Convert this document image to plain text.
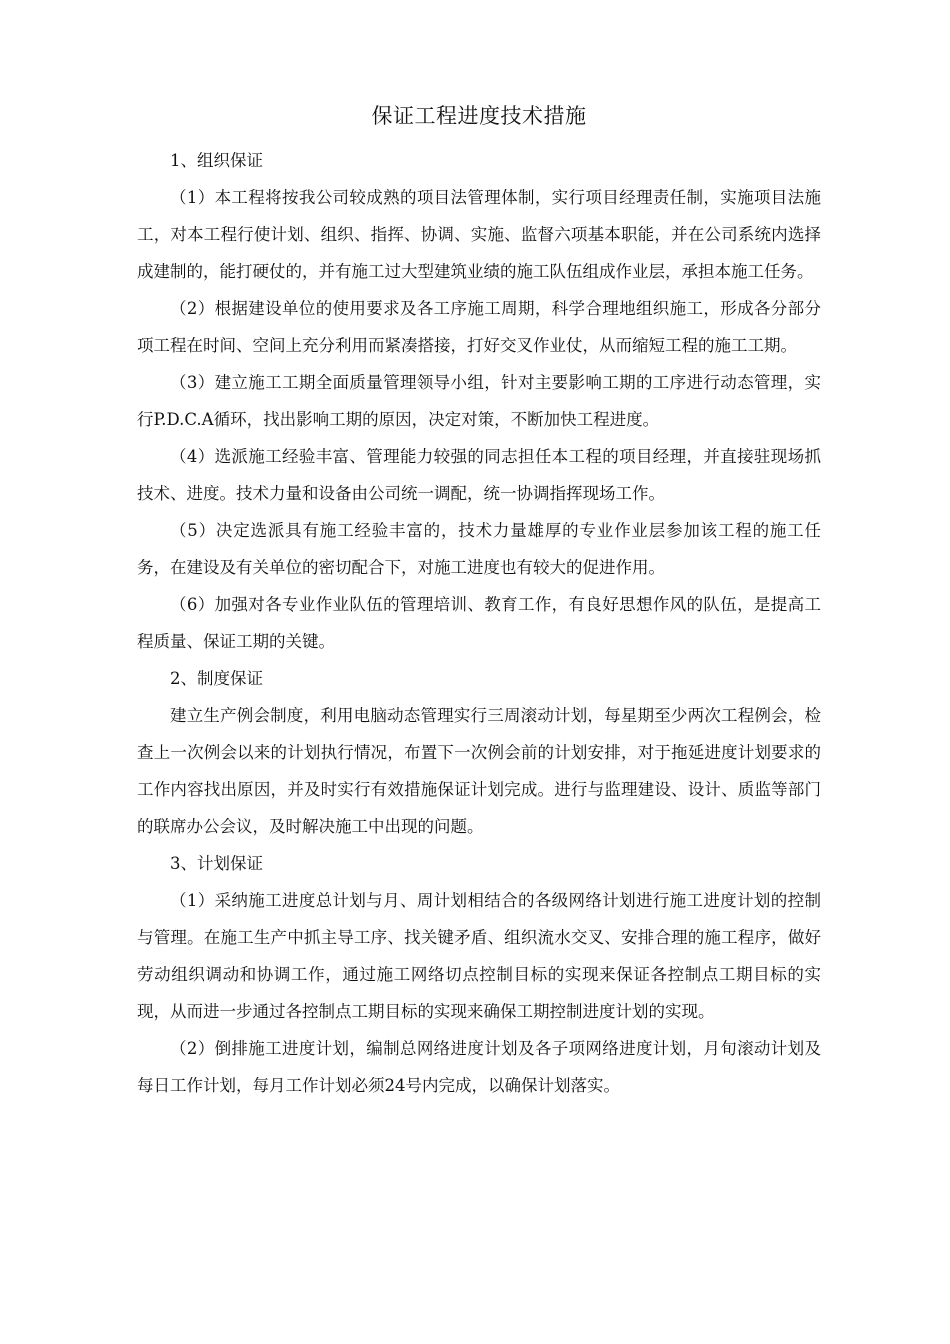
保证工程进度技术措施

1、组织保证

（1）本工程将按我公司较成熟的项目法管理体制，实行项目经理责任制，实施项目法施工，对本工程行使计划、组织、指挥、协调、实施、监督六项基本职能，并在公司系统内选择成建制的，能打硬仗的，并有施工过大型建筑业绩的施工队伍组成作业层，承担本施工任务。

（2）根据建设单位的使用要求及各工序施工周期，科学合理地组织施工，形成各分部分项工程在时间、空间上充分利用而紧凑搭接，打好交叉作业仗，从而缩短工程的施工工期。

（3）建立施工工期全面质量管理领导小组，针对主要影响工期的工序进行动态管理，实行P.D.C.A循环，找出影响工期的原因，决定对策，不断加快工程进度。

（4）选派施工经验丰富、管理能力较强的同志担任本工程的项目经理，并直接驻现场抓技术、进度。技术力量和设备由公司统一调配，统一协调指挥现场工作。

（5）决定选派具有施工经验丰富的，技术力量雄厚的专业作业层参加该工程的施工任务，在建设及有关单位的密切配合下，对施工进度也有较大的促进作用。

（6）加强对各专业作业队伍的管理培训、教育工作，有良好思想作风的队伍，是提高工程质量、保证工期的关键。

2、制度保证

建立生产例会制度，利用电脑动态管理实行三周滚动计划，每星期至少两次工程例会，检查上一次例会以来的计划执行情况，布置下一次例会前的计划安排，对于拖延进度计划要求的工作内容找出原因，并及时实行有效措施保证计划完成。进行与监理建设、设计、质监等部门的联席办公会议，及时解决施工中出现的问题。

3、计划保证

（1）采纳施工进度总计划与月、周计划相结合的各级网络计划进行施工进度计划的控制与管理。在施工生产中抓主导工序、找关键矛盾、组织流水交叉、安排合理的施工程序，做好劳动组织调动和协调工作，通过施工网络切点控制目标的实现来保证各控制点工期目标的实现，从而进一步通过各控制点工期目标的实现来确保工期控制进度计划的实现。

（2）倒排施工进度计划，编制总网络进度计划及各子项网络进度计划，月旬滚动计划及每日工作计划，每月工作计划必须24号内完成，以确保计划落实。
